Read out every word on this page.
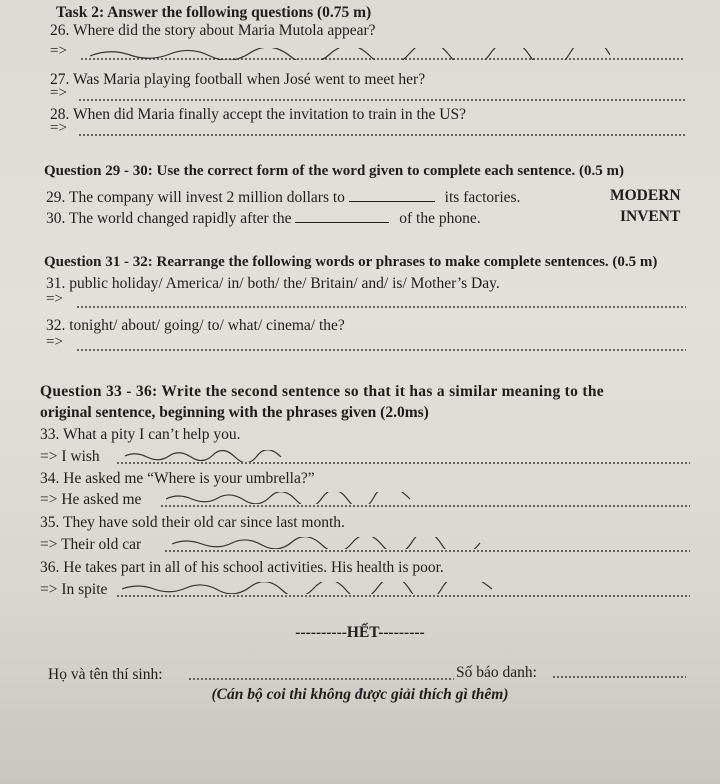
Task 2: Answer the following questions (0.75 m)
26. Where did the story about Maria Mutola appear?
=>
27. Was Maria playing football when José went to meet her?
=>
28. When did Maria finally accept the invitation to train in the US?
=>
Question 29 - 30: Use the correct form of the word given to complete each sentence. (0.5 m)
29. The company will invest 2 million dollars to	its factories.	MODERN
30. The world changed rapidly after the	of the phone.	INVENT
Question 31 - 32: Rearrange the following words or phrases to make complete sentences. (0.5 m)
31. public holiday/ America/ in/ both/ the/ Britain/ and/ is/ Mother’s Day.
=>
32. tonight/ about/ going/ to/ what/ cinema/ the?
=>
Question 33 - 36: Write the second sentence so that it has a similar meaning to the
original sentence, beginning with the phrases given (2.0ms)
33. What a pity I can’t help you.
=> I wish
34. He asked me “Where is your umbrella?”
=> He asked me
35. They have sold their old car since last month.
=> Their old car
36. He takes part in all of his school activities. His health is poor.
=> In spite
----------HẾT---------
Họ và tên thí sinh:	Số báo danh:
(Cán bộ coi thi không được giải thích gì thêm)
